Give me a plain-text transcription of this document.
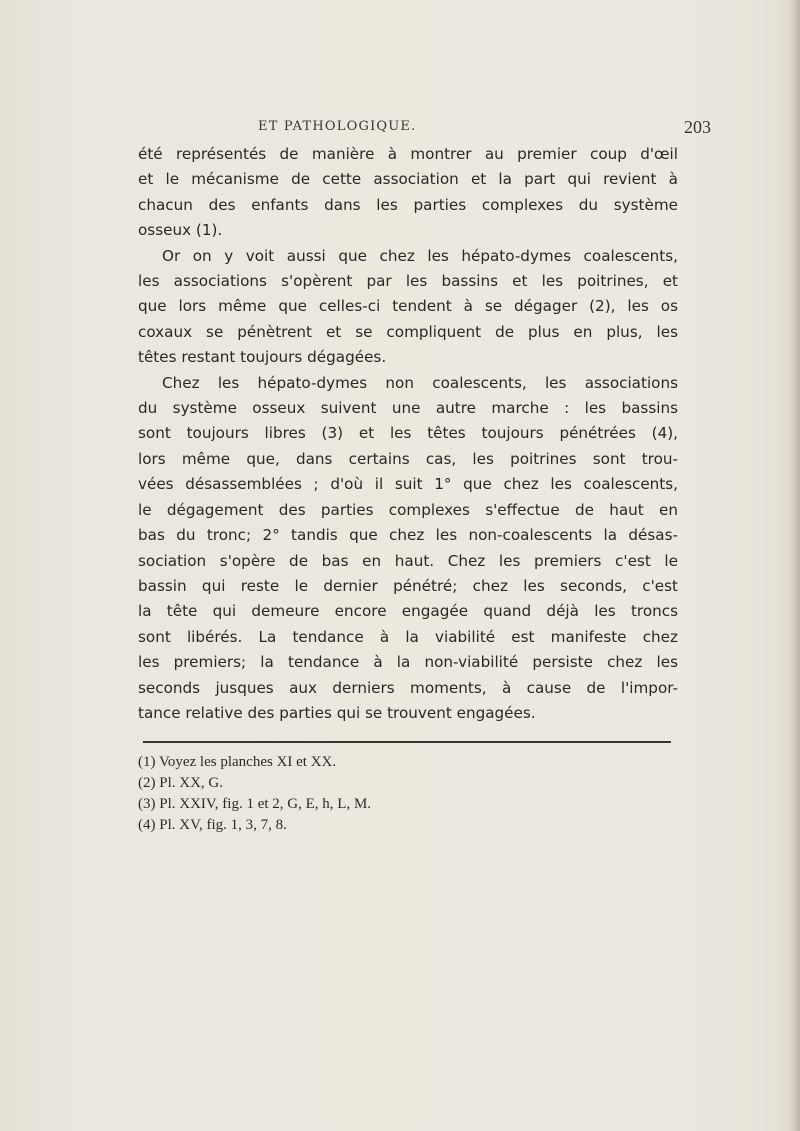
ET PATHOLOGIQUE.	203
été représentés de manière à montrer au premier coup d'œil
et le mécanisme de cette association et la part qui revient à
chacun des enfants dans les parties complexes du système
osseux (1).
Or on y voit aussi que chez les hépato-dymes coalescents,
les associations s'opèrent par les bassins et les poitrines, et
que lors même que celles-ci tendent à se dégager (2), les os
coxaux se pénètrent et se compliquent de plus en plus, les
têtes restant toujours dégagées.
Chez les hépato-dymes non coalescents, les associations
du système osseux suivent une autre marche : les bassins
sont toujours libres (3) et les têtes toujours pénétrées (4),
lors même que, dans certains cas, les poitrines sont trou-
vées désassemblées ; d'où il suit 1° que chez les coalescents,
le dégagement des parties complexes s'effectue de haut en
bas du tronc; 2° tandis que chez les non-coalescents la désas-
sociation s'opère de bas en haut. Chez les premiers c'est le
bassin qui reste le dernier pénétré; chez les seconds, c'est
la tête qui demeure encore engagée quand déjà les troncs
sont libérés. La tendance à la viabilité est manifeste chez
les premiers; la tendance à la non-viabilité persiste chez les
seconds jusques aux derniers moments, à cause de l'impor-
tance relative des parties qui se trouvent engagées.
(1) Voyez les planches XI et XX.
(2) Pl. XX, G.
(3) Pl. XXIV, fig. 1 et 2, G, E, h, L, M.
(4) Pl. XV, fig. 1, 3, 7, 8.
